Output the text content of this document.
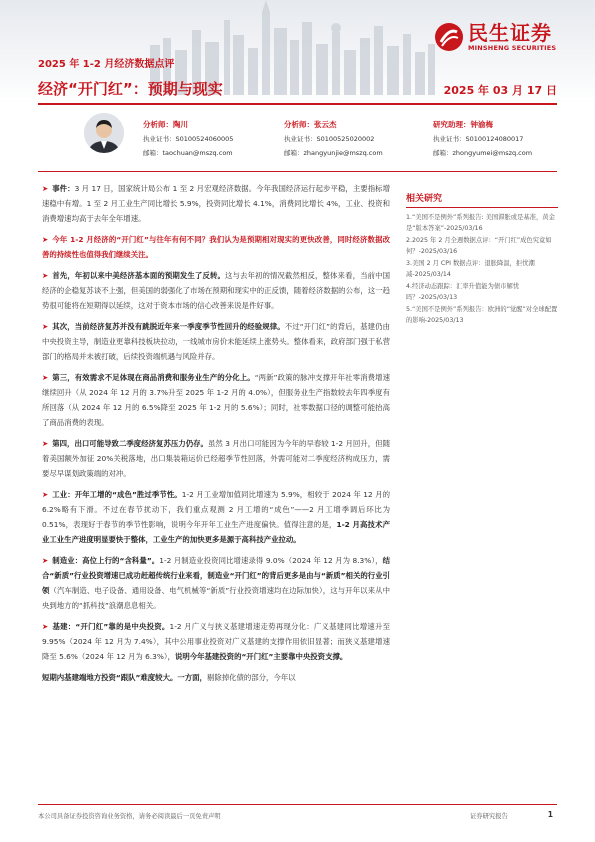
民生证券
MINSHENG SECURITIES
2025 年 1-2 月经济数据点评
经济“开门红”：预期与现实	2025 年 03 月 17 日
分析师：陶川
执业证书：S0100524060005
邮箱：taochuan@mszq.com
分析师：张云杰
执业证书：S0100525020002
邮箱：zhangyunjie@mszq.com
研究助理：钟渝梅
执业证书：S0100124080017
邮箱：zhongyumei@mszq.com

➤ 事件：3 月 17 日，国家统计局公布 1 至 2 月宏观经济数据。今年我国经济运行起步平稳，主要指标增速稳中有增。1 至 2 月工业生产同比增长 5.9%，投资同比增长 4.1%，消费同比增长 4%，工业、投资和消费增速均高于去年全年增速。

➤ 今年 1-2 月经济的“开门红”与往年有何不同？我们认为是预期相对现实的更快改善，同时经济数据改善的持续性也值得我们继续关注。

➤ 首先，年初以来中美经济基本面的预期发生了反转。这与去年初的情况截然相反，整体来看，当前中国经济的企稳复苏谈不上强，但美国的弱强化了市场在预期和现实中的正反馈，随着经济数据的公布，这一趋势很可能将在短期得以延续，这对于资本市场的信心改善来说是件好事。

➤ 其次，当前经济复苏并没有跳脱近年来一季度季节性回升的经验规律。不过“开门红”的背后，基建仍由中央投资主导，制造业更靠科技板块拉动，一线城市房价未能延续上涨势头。整体看来，政府部门强于私营部门的格局并未被打破，后续投资端机遇与风险并存。

➤ 第三，有效需求不足体现在商品消费和服务业生产的分化上。“两新”政策的脉冲支撑开年社零消费增速继续回升（从 2024 年 12 月的 3.7%升至 2025 年 1-2 月的 4.0%），但服务业生产指数较去年四季度有所回落（从 2024 年 12 月的 6.5%降至 2025 年 1-2 月的 5.6%）；同时，社零数据口径的调整可能抬高了商品消费的表现。

➤ 第四，出口可能导致二季度经济复苏压力仍存。虽然 3 月出口可能因为今年的早春较 1-2 月回升，但随着美国额外加征 20%关税落地，出口集装箱运价已经超季节性回落，外需可能对二季度经济构成压力，需要尽早谋划政策端的对冲。

➤ 工业：开年工增的“成色”胜过季节性。1-2 月工业增加值同比增速为 5.9%，相较于 2024 年 12 月的 6.2%略有下滑。不过在春节扰动下，我们重点观测 2 月工增的“成色”——2 月工增季调后环比为 0.51%，表现好于春节的季节性影响，说明今年开年工业生产进度偏快。值得注意的是，1-2 月高技术产业工业生产进度明显要快于整体，工业生产的加快更多是源于高科技产业拉动。

➤ 制造业：高位上行的“含科量”。1-2 月制造业投资同比增速录得 9.0%（2024 年 12 月为 8.3%），结合“新质”行业投资增速已成功赶超传统行业来看，制造业“开门红”的背后更多是由与“新质”相关的行业引领（汽车制造、电子设备、通用设备、电气机械等“新质”行业投资增速均在边际加快），这与开年以来从中央到地方的“抓科技”浪潮息息相关。

➤ 基建：“开门红”靠的是中央投资。1-2 月广义与狭义基建增速走势再现分化：广义基建同比增速升至 9.95%（2024 年 12 月为 7.4%），其中公用事业投资对广义基建的支撑作用依旧显著；而狭义基建增速降至 5.6%（2024 年 12 月为 6.3%），说明今年基建投资的“开门红”主要靠中央投资支撑。

短期内基建端地方投资“跟队”难度较大。一方面，剔除掉化债的部分，今年以

相关研究
1.“美国不是例外”系列报告: 美国滞胀或是基准，黄金是“版本答案”-2025/03/16
2.2025 年 2 月全週数据点评：“开门红”成色究竟如何？-2025/03/16
3.美国 2 月 CPI 数据点评：退胀降温，拒忧潮减-2025/03/14
4.经济动态跟踪：汇率升值能为债市解忧吗？-2025/03/13
5.“美国不是例外”系列报告：欧洲的“觉醒”对全球配置的影响-2025/03/13
本公司具备证券投资咨询业务资格，请务必阅读最后一页免责声明	证券研究报告	1
